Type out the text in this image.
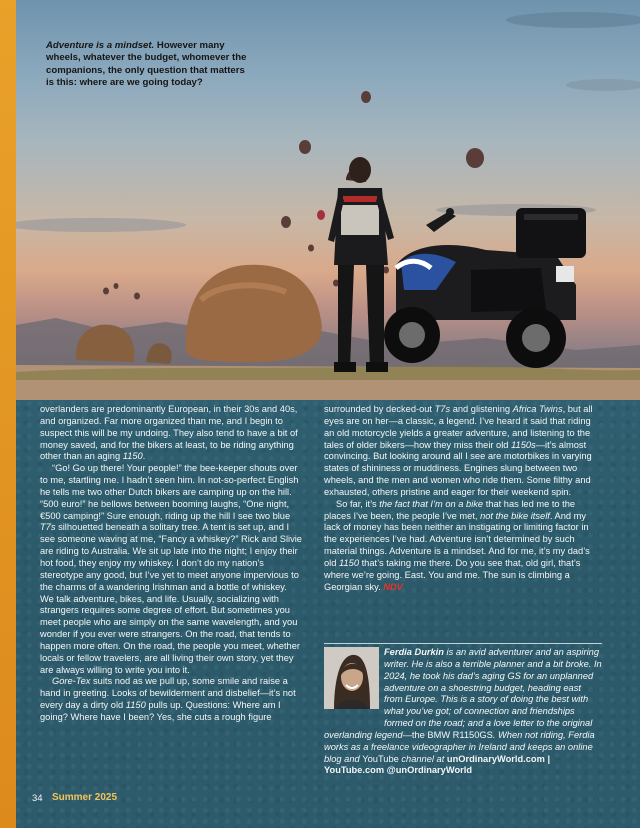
Adventure is a mindset. However many wheels, whatever the budget, whomever the companions, the only question that matters is this: where are we going today?

overlanders are predominantly European, in their 30s and 40s, and organized. Far more organized than me, and I begin to suspect this will be my undoing. They also tend to have a bit of money saved, and for the bikers at least, to be riding anything other than an aging 1150.

“Go! Go up there! Your people!” the bee-keeper shouts over to me, startling me. I hadn’t seen him. In not-so-perfect English he tells me two other Dutch bikers are camping up on the hill. “500 euro!” he bellows between booming laughs, “One night, €500 camping!” Sure enough, riding up the hill I see two blue T7s silhouetted beneath a solitary tree. A tent is set up, and I see someone waving at me, “Fancy a whiskey?” Rick and Slivie are riding to Australia. We sit up late into the night; I enjoy their hot food, they enjoy my whiskey. I don’t do my nation’s stereotype any good, but I’ve yet to meet anyone impervious to the charms of a wandering Irishman and a bottle of whiskey. We talk adventure, bikes, and life. Usually, socializing with strangers requires some degree of effort. But sometimes you meet people who are simply on the same wavelength, and you wonder if you ever were strangers. On the road, that tends to happen more often. On the road, the people you meet, whether locals or fellow travelers, are all living their own story, yet they are always willing to write you into it.

Gore-Tex suits nod as we pull up, some smile and raise a hand in greeting. Looks of bewilderment and disbelief—it’s not every day a dirty old 1150 pulls up. Questions: Where am I going? Where have I been? Yes, she cuts a rough figure

surrounded by decked-out T7s and glistening Africa Twins, but all eyes are on her—a classic, a legend. I’ve heard it said that riding an old motorcycle yields a greater adventure, and listening to the tales of older bikers—how they miss their old 1150s—it’s almost convincing. But looking around all I see are motorbikes in varying states of shininess or muddiness. Engines slung between two wheels, and the men and women who ride them. Some filthy and exhausted, others pristine and eager for their weekend spin.

So far, it’s the fact that I’m on a bike that has led me to the places I’ve been, the people I’ve met, not the bike itself. And my lack of money has been neither an instigating or limiting factor in the experiences I’ve had. Adventure isn’t determined by such material things. Adventure is a mindset. And for me, it’s my dad’s old 1150 that’s taking me there. Do you see that, old girl, that’s where we’re going. East. You and me. The sun is climbing a Georgian sky. NDV

Ferdia Durkin is an avid adventurer and an aspiring writer. He is also a terrible planner and a bit broke. In 2024, he took his dad’s aging GS for an unplanned adventure on a shoestring budget, heading east from Europe. This is a story of doing the best with what you’ve got; of connection and friendships formed on the road; and a love letter to the original overlanding legend—the BMW R1150GS. When not riding, Ferdia works as a freelance videographer in Ireland and keeps an online blog and YouTube channel at unOrdinaryWorld.com | YouTube.com @unOrdinaryWorld
34 Summer 2025
